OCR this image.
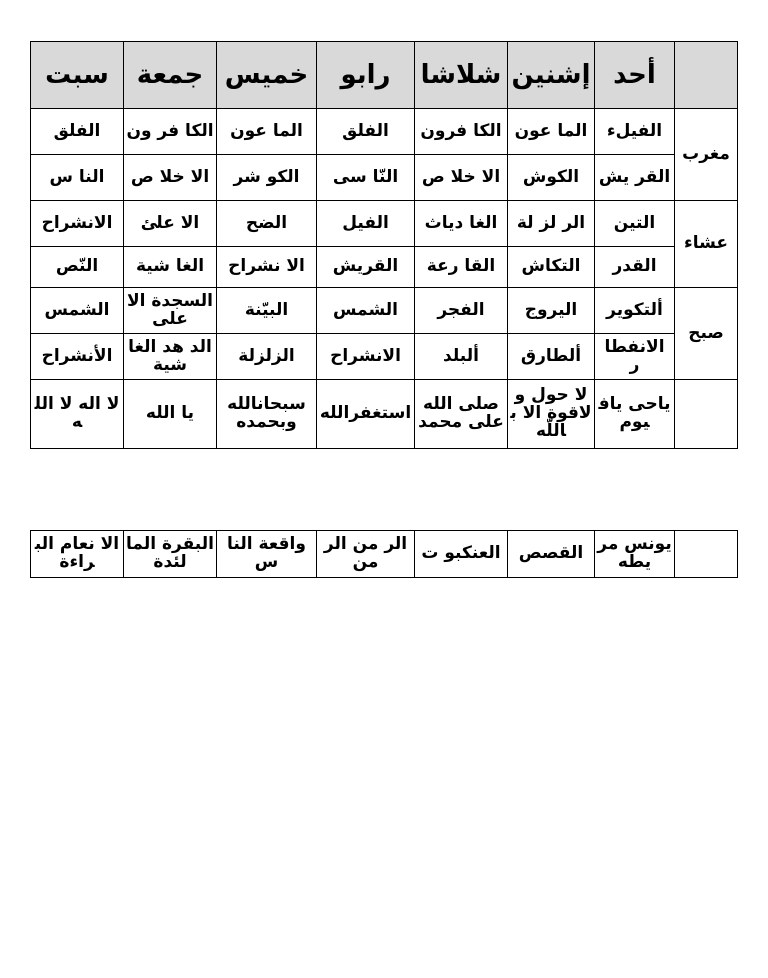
	أحد	إشنين	شلاشا	رابو	خميس	جمعة	سبت
مغرب	الفيلء	الما عون	الكا فرون	الفلق	الما عون	الكا فر ون	الفلق
	القر يش	الكوش	الا خلا ص	النّا سى	الكو شر	الا خلا ص	النا س
عشاء	التين	الر لز لة	الغا دياث	الفيل	الضح	الا علئ	الانشراح
	القدر	التكاش	القا رعة	القريش	الا نشراح	الغا شية	النّص
صبح	ألتكوير	اليروج	الفجر	الشمس	البيّنة	السجدة الا على	الشمس
	الانفطا ر	ألطارق	ألبلد	الانشراح	الزلزلة	الد هد الغا شية	الأنشراح
	ياحى يافيوم	لا حول ولاقوة الا باللّه	صلى الله على محمد	استغفرالله	سبحانالله وبحمده	يا الله	لا اله لا الله
	يونس مريطه	القصص	العنكبو ت	الر من الرمن	واقعة النا س	البقرة المالئدة	الا نعام البراءة
